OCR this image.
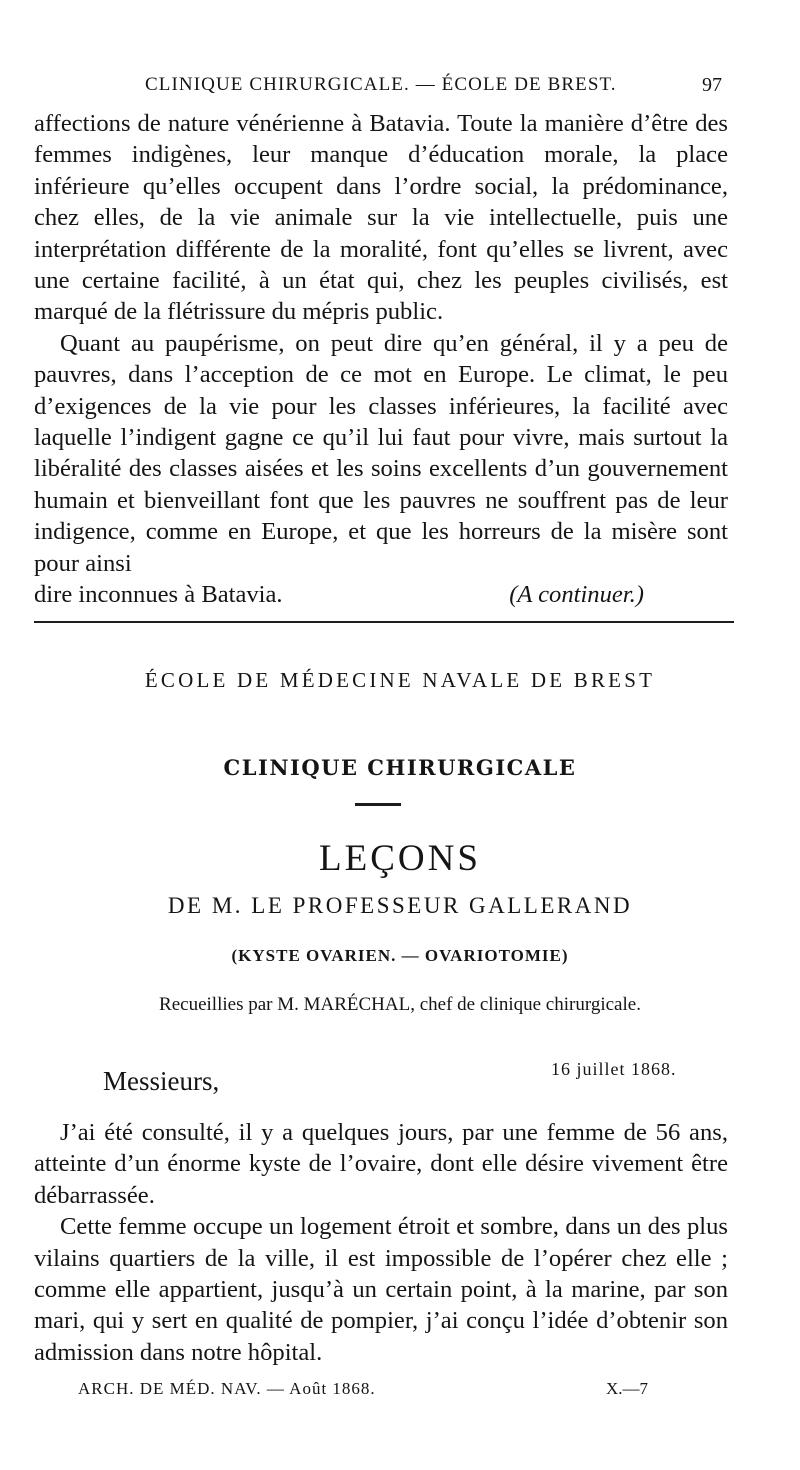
CLINIQUE CHIRURGICALE. — ÉCOLE DE BREST.	97

affections de nature vénérienne à Batavia. Toute la manière d’être des femmes indigènes, leur manque d’éducation morale, la place inférieure qu’elles occupent dans l’ordre social, la prédominance, chez elles, de la vie animale sur la vie intellectuelle, puis une interprétation différente de la moralité, font qu’elles se livrent, avec une certaine facilité, à un état qui, chez les peuples civilisés, est marqué de la flétrissure du mépris public.

Quant au paupérisme, on peut dire qu’en général, il y a peu de pauvres, dans l’acception de ce mot en Europe. Le climat, le peu d’exigences de la vie pour les classes inférieures, la facilité avec laquelle l’indigent gagne ce qu’il lui faut pour vivre, mais surtout la libéralité des classes aisées et les soins excellents d’un gouvernement humain et bienveillant font que les pauvres ne souffrent pas de leur indigence, comme en Europe, et que les horreurs de la misère sont pour ainsi

dire inconnues à Batavia.	(A continuer.)
ÉCOLE DE MÉDECINE NAVALE DE BREST
CLINIQUE CHIRURGICALE
LEÇONS
DE M. LE PROFESSEUR GALLERAND
(KYSTE OVARIEN. — OVARIOTOMIE)
Recueillies par M. MARÉCHAL, chef de clinique chirurgicale.
16 juillet 1868.
Messieurs,

J’ai été consulté, il y a quelques jours, par une femme de 56 ans, atteinte d’un énorme kyste de l’ovaire, dont elle désire vivement être débarrassée.

Cette femme occupe un logement étroit et sombre, dans un des plus vilains quartiers de la ville, il est impossible de l’opérer chez elle ; comme elle appartient, jusqu’à un certain point, à la marine, par son mari, qui y sert en qualité de pompier, j’ai conçu l’idée d’obtenir son admission dans notre hôpital.

ARCH. DE MÉD. NAV. — Août 1868.	X.—7
